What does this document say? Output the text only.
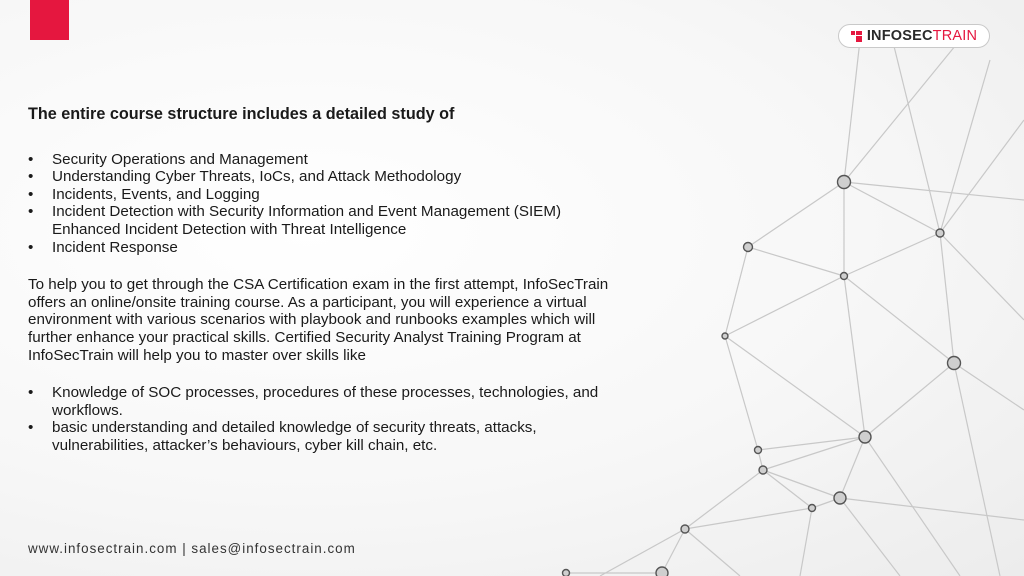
INFOSECTRAIN
The entire course structure includes a detailed study of
• Security Operations and Management
• Understanding Cyber Threats, IoCs, and Attack Methodology
• Incidents, Events, and Logging
• Incident Detection with Security Information and Event Management (SIEM) Enhanced Incident Detection with Threat Intelligence
• Incident Response
To help you to get through the CSA Certification exam in the first attempt, InfoSecTrain offers an online/onsite training course. As a participant, you will experience a virtual environment with various scenarios with playbook and runbooks examples which will further enhance your practical skills. Certified Security Analyst Training Program at InfoSecTrain will help you to master over skills like
• Knowledge of SOC processes, procedures of these processes, technologies, and workflows.
• basic understanding and detailed knowledge of security threats, attacks, vulnerabilities, attacker’s behaviours, cyber kill chain, etc.
www.infosectrain.com | sales@infosectrain.com
